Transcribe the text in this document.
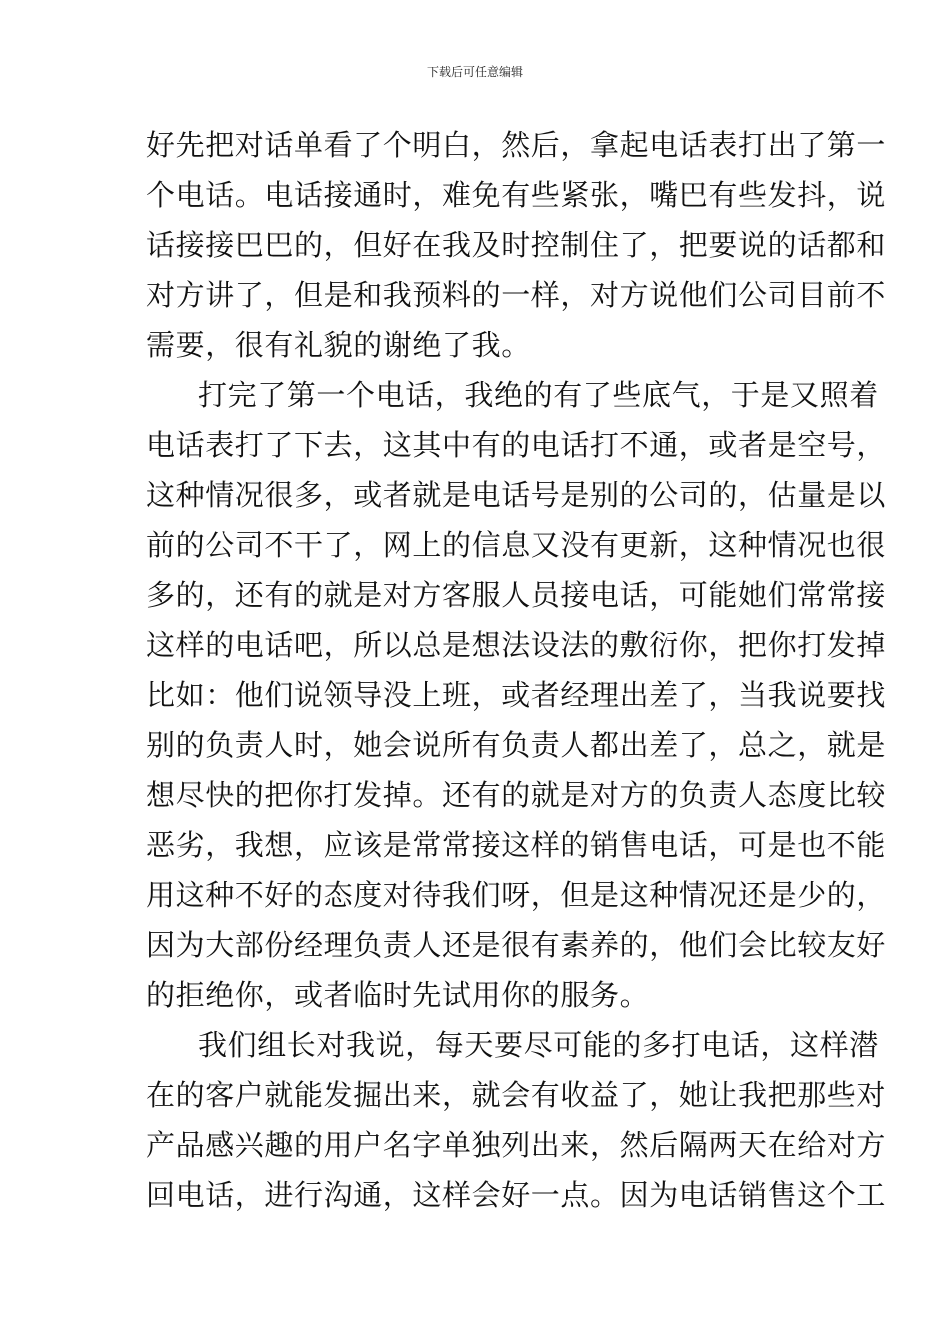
下载后可任意编辑
好先把对话单看了个明白，然后，拿起电话表打出了第一
个电话。电话接通时，难免有些紧张，嘴巴有些发抖，说
话接接巴巴的，但好在我及时控制住了，把要说的话都和
对方讲了，但是和我预料的一样，对方说他们公司目前不
需要，很有礼貌的谢绝了我。
打完了第一个电话，我绝的有了些底气，于是又照着
电话表打了下去，这其中有的电话打不通，或者是空号，
这种情况很多，或者就是电话号是别的公司的，估量是以
前的公司不干了，网上的信息又没有更新，这种情况也很
多的，还有的就是对方客服人员接电话，可能她们常常接
这样的电话吧，所以总是想法设法的敷衍你，把你打发掉
比如：他们说领导没上班，或者经理出差了，当我说要找
别的负责人时，她会说所有负责人都出差了，总之，就是
想尽快的把你打发掉。还有的就是对方的负责人态度比较
恶劣，我想，应该是常常接这样的销售电话，可是也不能
用这种不好的态度对待我们呀，但是这种情况还是少的，
因为大部份经理负责人还是很有素养的，他们会比较友好
的拒绝你，或者临时先试用你的服务。
我们组长对我说，每天要尽可能的多打电话，这样潜
在的客户就能发掘出来，就会有收益了，她让我把那些对
产品感兴趣的用户名字单独列出来，然后隔两天在给对方
回电话，进行沟通，这样会好一点。因为电话销售这个工
